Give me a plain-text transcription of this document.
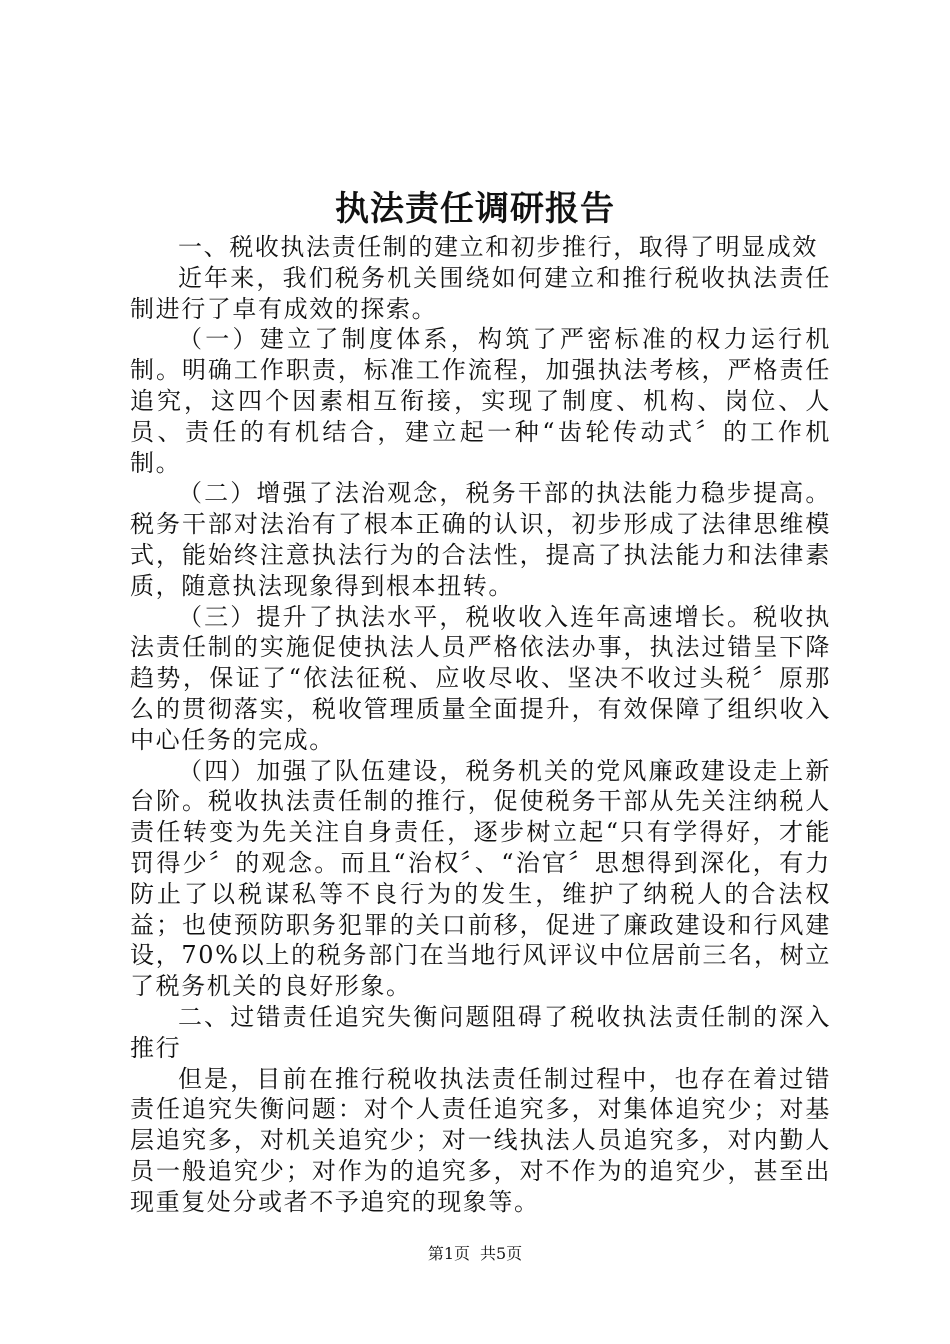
执法责任调研报告

一、税收执法责任制的建立和初步推行，取得了明显成效

近年来，我们税务机关围绕如何建立和推行税收执法责任制进行了卓有成效的探索。

（一）建立了制度体系，构筑了严密标准的权力运行机制。明确工作职责，标准工作流程，加强执法考核，严格责任追究，这四个因素相互衔接，实现了制度、机构、岗位、人员、责任的有机结合，建立起一种“齿轮传动式〞的工作机制。

（二）增强了法治观念，税务干部的执法能力稳步提高。税务干部对法治有了根本正确的认识，初步形成了法律思维模式，能始终注意执法行为的合法性，提高了执法能力和法律素质，随意执法现象得到根本扭转。

（三）提升了执法水平，税收收入连年高速增长。税收执法责任制的实施促使执法人员严格依法办事，执法过错呈下降趋势，保证了“依法征税、应收尽收、坚决不收过头税〞原那么的贯彻落实，税收管理质量全面提升，有效保障了组织收入中心任务的完成。

（四）加强了队伍建设，税务机关的党风廉政建设走上新台阶。税收执法责任制的推行，促使税务干部从先关注纳税人责任转变为先关注自身责任，逐步树立起“只有学得好，才能罚得少〞的观念。而且“治权〞、“治官〞思想得到深化，有力防止了以税谋私等不良行为的发生，维护了纳税人的合法权益；也使预防职务犯罪的关口前移，促进了廉政建设和行风建设，70%以上的税务部门在当地行风评议中位居前三名，树立了税务机关的良好形象。

二、过错责任追究失衡问题阻碍了税收执法责任制的深入推行

但是，目前在推行税收执法责任制过程中，也存在着过错责任追究失衡问题：对个人责任追究多，对集体追究少；对基层追究多，对机关追究少；对一线执法人员追究多，对内勤人员一般追究少；对作为的追究多，对不作为的追究少，甚至出现重复处分或者不予追究的现象等。

第1页 共5页
